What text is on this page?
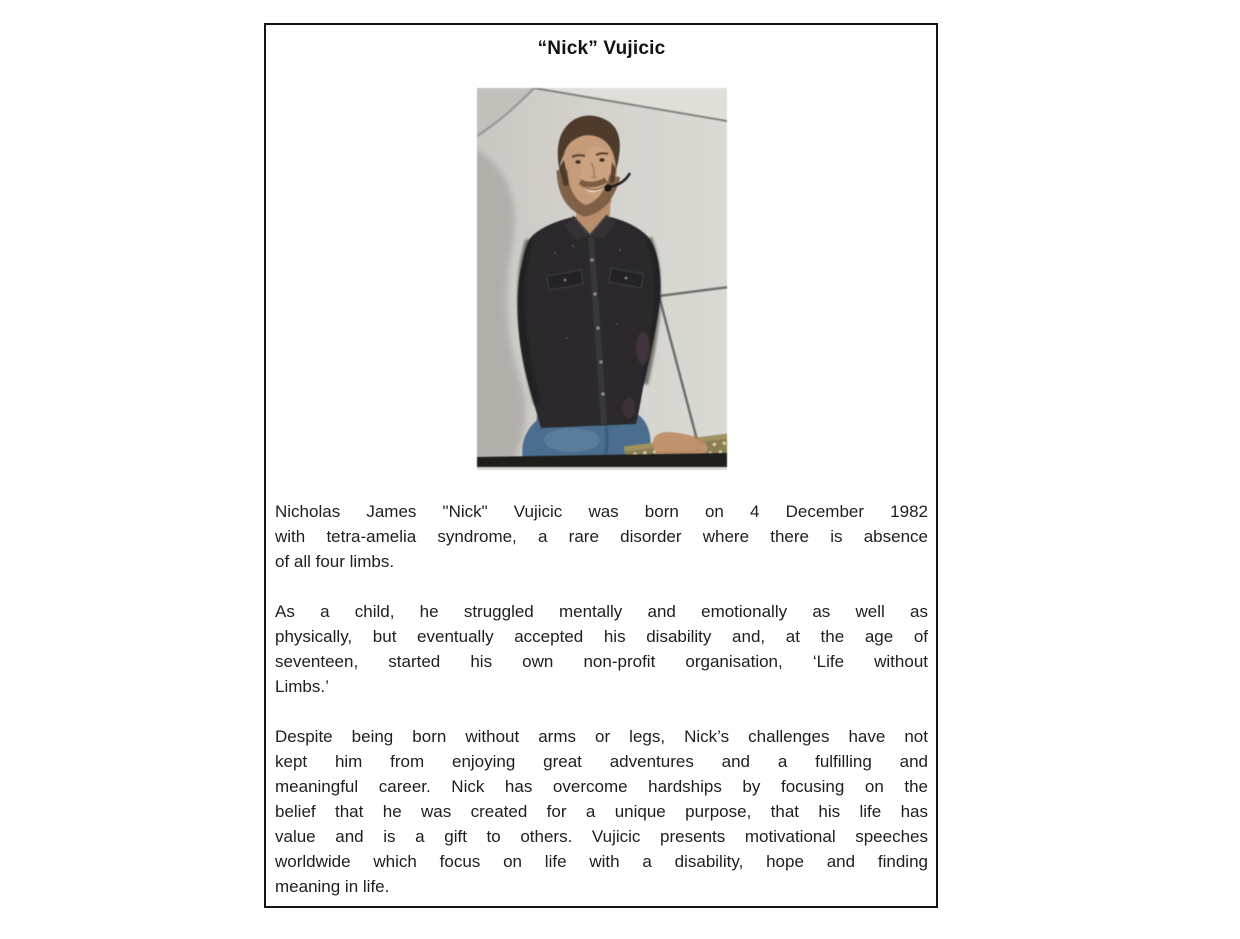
“Nick” Vujicic

Nicholas James "Nick" Vujicic was born on 4 December 1982
with tetra-amelia syndrome, a rare disorder where there is absence
of all four limbs.

As a child, he struggled mentally and emotionally as well as
physically, but eventually accepted his disability and, at the age of
seventeen, started his own non-profit organisation, ‘Life without
Limbs.’

Despite being born without arms or legs, Nick’s challenges have not
kept him from enjoying great adventures and a fulfilling and
meaningful career. Nick has overcome hardships by focusing on the
belief that he was created for a unique purpose, that his life has
value and is a gift to others. Vujicic presents motivational speeches
worldwide which focus on life with a disability, hope and finding
meaning in life.
